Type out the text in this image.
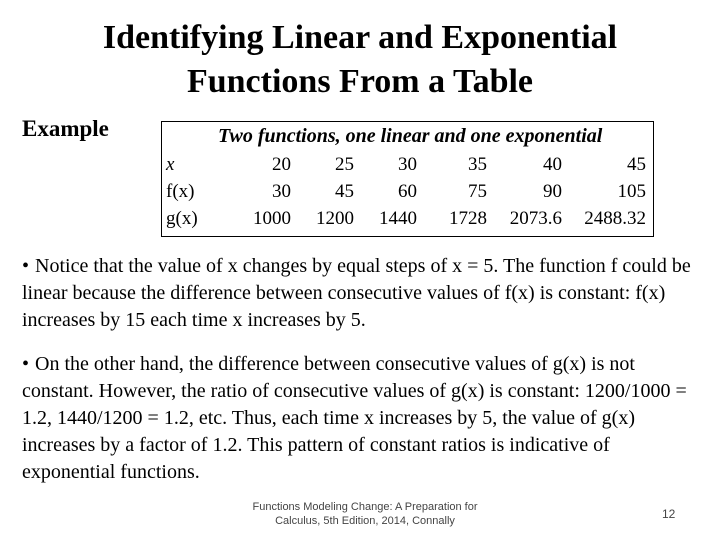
Identifying Linear and Exponential
Functions From a Table
Example	Two functions, one linear and one exponential
x	20	25	30	35	40	45
f(x)	30	45	60	75	90	105
g(x)	1000	1200	1440	1728	2073.6	2488.32
• Notice that the value of x changes by equal steps of x = 5. The function f could be linear because the difference between consecutive values of f(x) is constant: f(x) increases by 15 each time x increases by 5.
• On the other hand, the difference between consecutive values of g(x) is not constant. However, the ratio of consecutive values of g(x) is constant: 1200/1000 = 1.2, 1440/1200 = 1.2, etc. Thus, each time x increases by 5, the value of g(x) increases by a factor of 1.2. This pattern of constant ratios is indicative of exponential functions.
Functions Modeling Change: A Preparation for Calculus, 5th Edition, 2014, Connally	12
